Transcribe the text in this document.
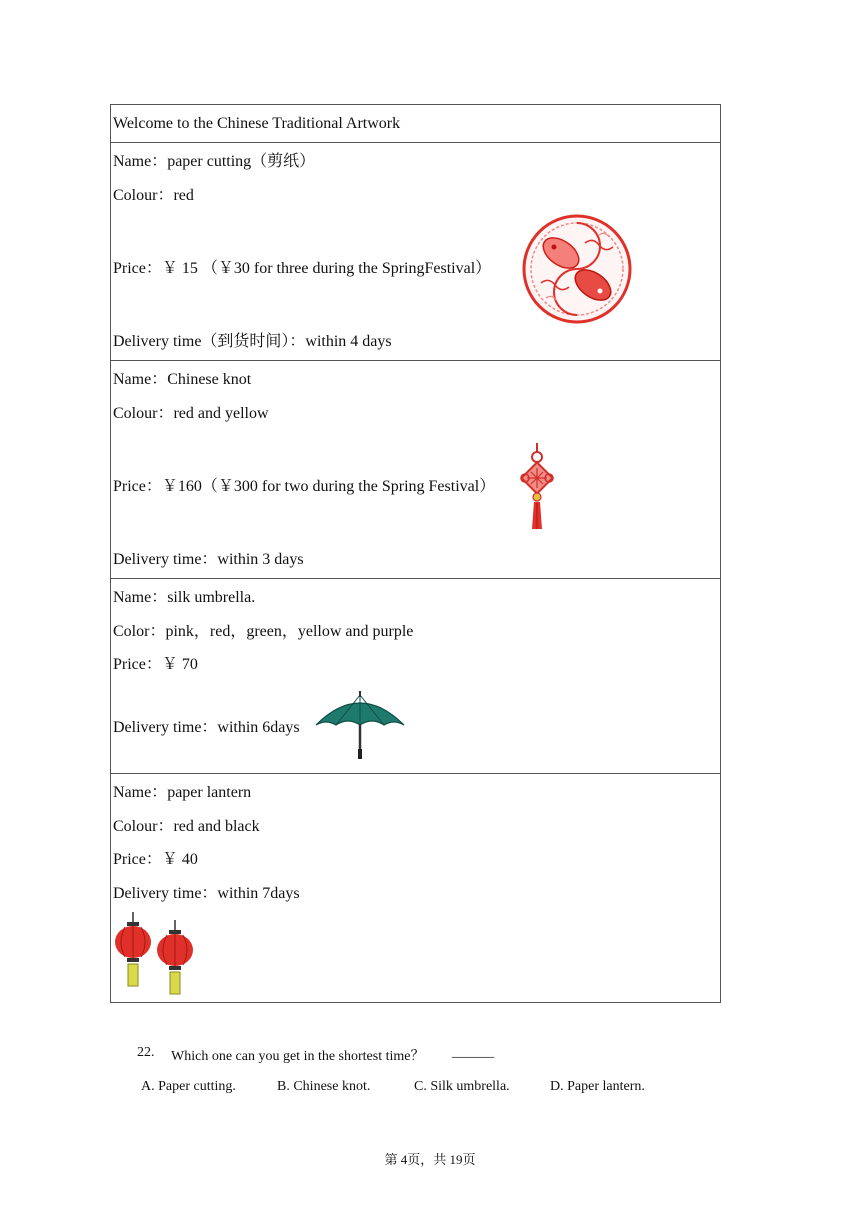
Welcome to the Chinese Traditional Artwork
Name：paper cutting（剪纸）
Colour：red
Price：￥ 15 （￥30 for three during the SpringFestival）
Delivery time（到货时间）：within 4 days
Name：Chinese knot
Colour：red and yellow
Price：￥160（￥300 for two during the Spring Festival）
Delivery time：within 3 days
Name：silk umbrella.
Color：pink，red，green，yellow and purple
Price：￥ 70
Delivery time：within 6days
Name：paper lantern
Colour：red and black
Price：￥ 40
Delivery time：within 7days
22. Which one can you get in the shortest time？ ______
A. Paper cutting.	B. Chinese knot.	C. Silk umbrella.	D. Paper lantern.
第 4页，共 19页
